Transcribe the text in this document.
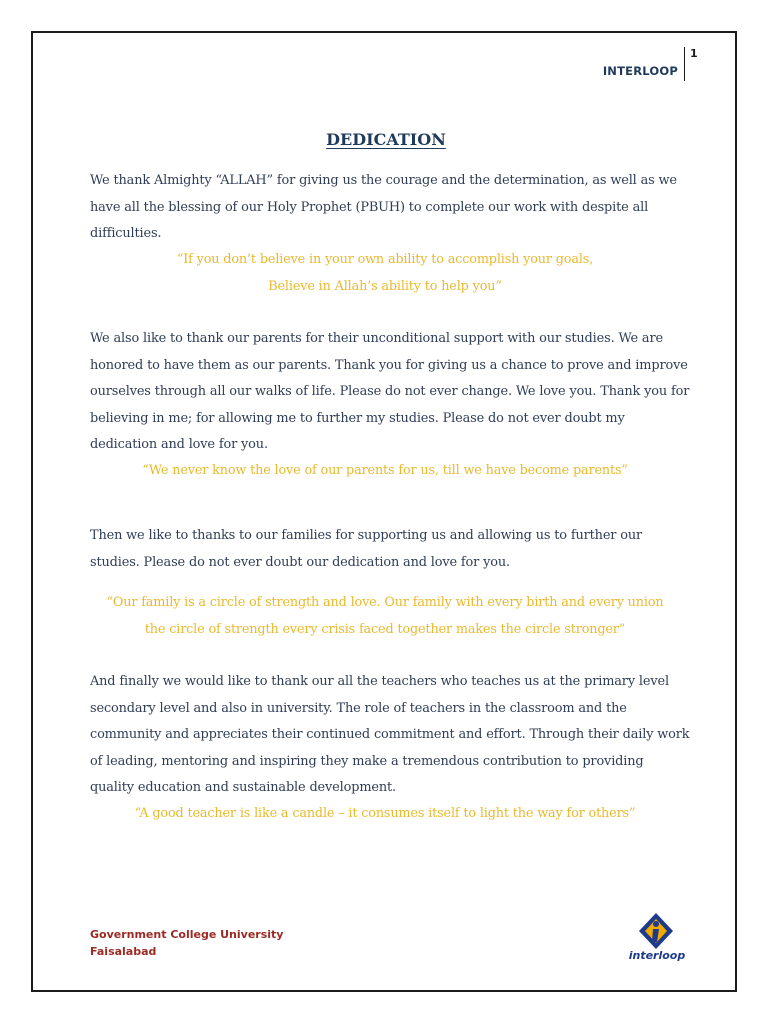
DEDICATION
INTERLOOP
1

We thank Almighty “ALLAH” for giving us the courage and the determination, as well as we have all the blessing of our Holy Prophet (PBUH) to complete our work with despite all difficulties.

“If you don’t believe in your own ability to accomplish your goals,
Believe in Allah’s ability to help you”

We also like to thank our parents for their unconditional support with our studies. We are honored to have them as our parents. Thank you for giving us a chance to prove and improve ourselves through all our walks of life. Please do not ever change. We love you. Thank you for believing in me; for allowing me to further my studies. Please do not ever doubt my dedication and love for you.

“We never know the love of our parents for us, till we have become parents”

Then we like to thanks to our families for supporting us and allowing us to further our studies. Please do not ever doubt our dedication and love for you.

“Our family is a circle of strength and love. Our family with every birth and every union
the circle of strength every crisis faced together makes the circle stronger”

And finally we would like to thank our all the teachers who teaches us at the primary level secondary level and also in university. The role of teachers in the classroom and the community and appreciates their continued commitment and effort. Through their daily work of leading, mentoring and inspiring they make a tremendous contribution to providing quality education and sustainable development.

“A good teacher is like a candle – it consumes itself to light the way for others”
Government College University
Faisalabad	interloop
